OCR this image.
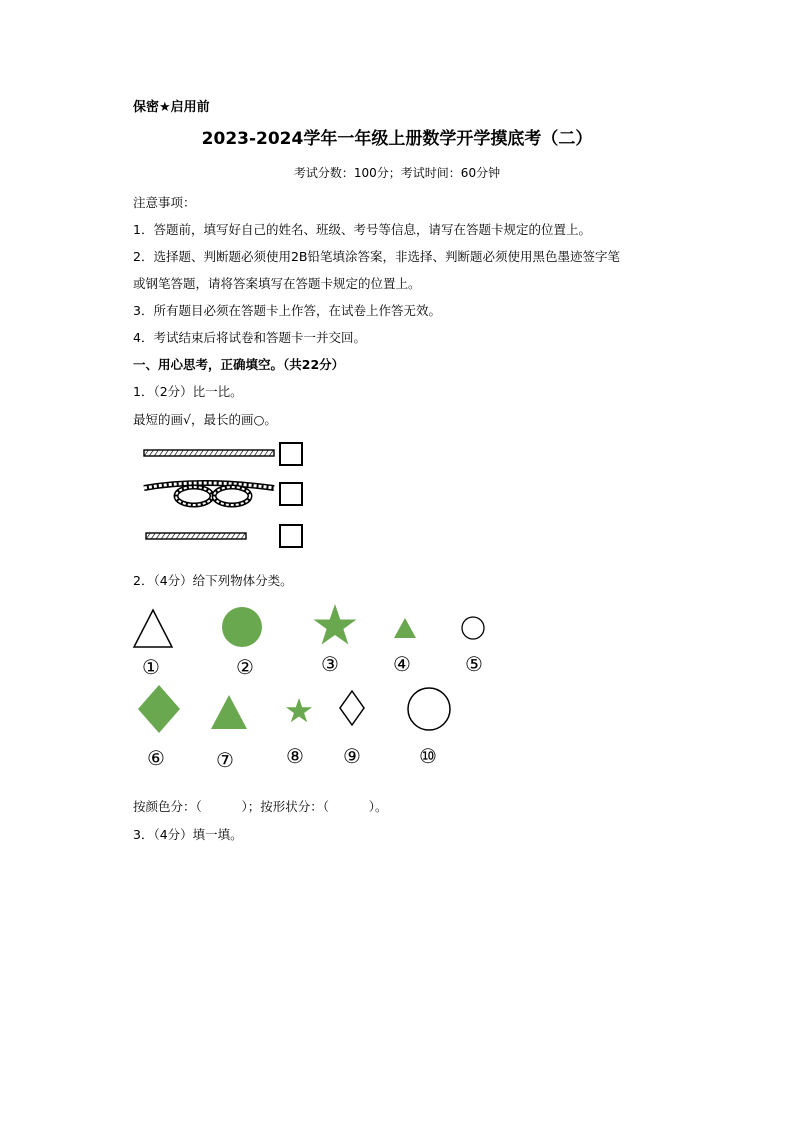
保密★启用前
2023-2024学年一年级上册数学开学摸底考（二）
考试分数：100分；考试时间：60分钟
注意事项：
1．答题前，填写好自己的姓名、班级、考号等信息，请写在答题卡规定的位置上。
2．选择题、判断题必须使用2B铅笔填涂答案，非选择、判断题必须使用黑色墨迹签字笔
或钢笔答题，请将答案填写在答题卡规定的位置上。
3．所有题目必须在答题卡上作答，在试卷上作答无效。
4．考试结束后将试卷和答题卡一并交回。
一、用心思考，正确填空。（共22分）
1．（2分）比一比。
最短的画√，最长的画○。
2．（4分）给下列物体分类。
①	②	③	④	⑤
⑥	⑦	⑧ ⑨	⑩
按颜色分：（          ）；按形状分：（          ）。
3．（4分）填一填。
